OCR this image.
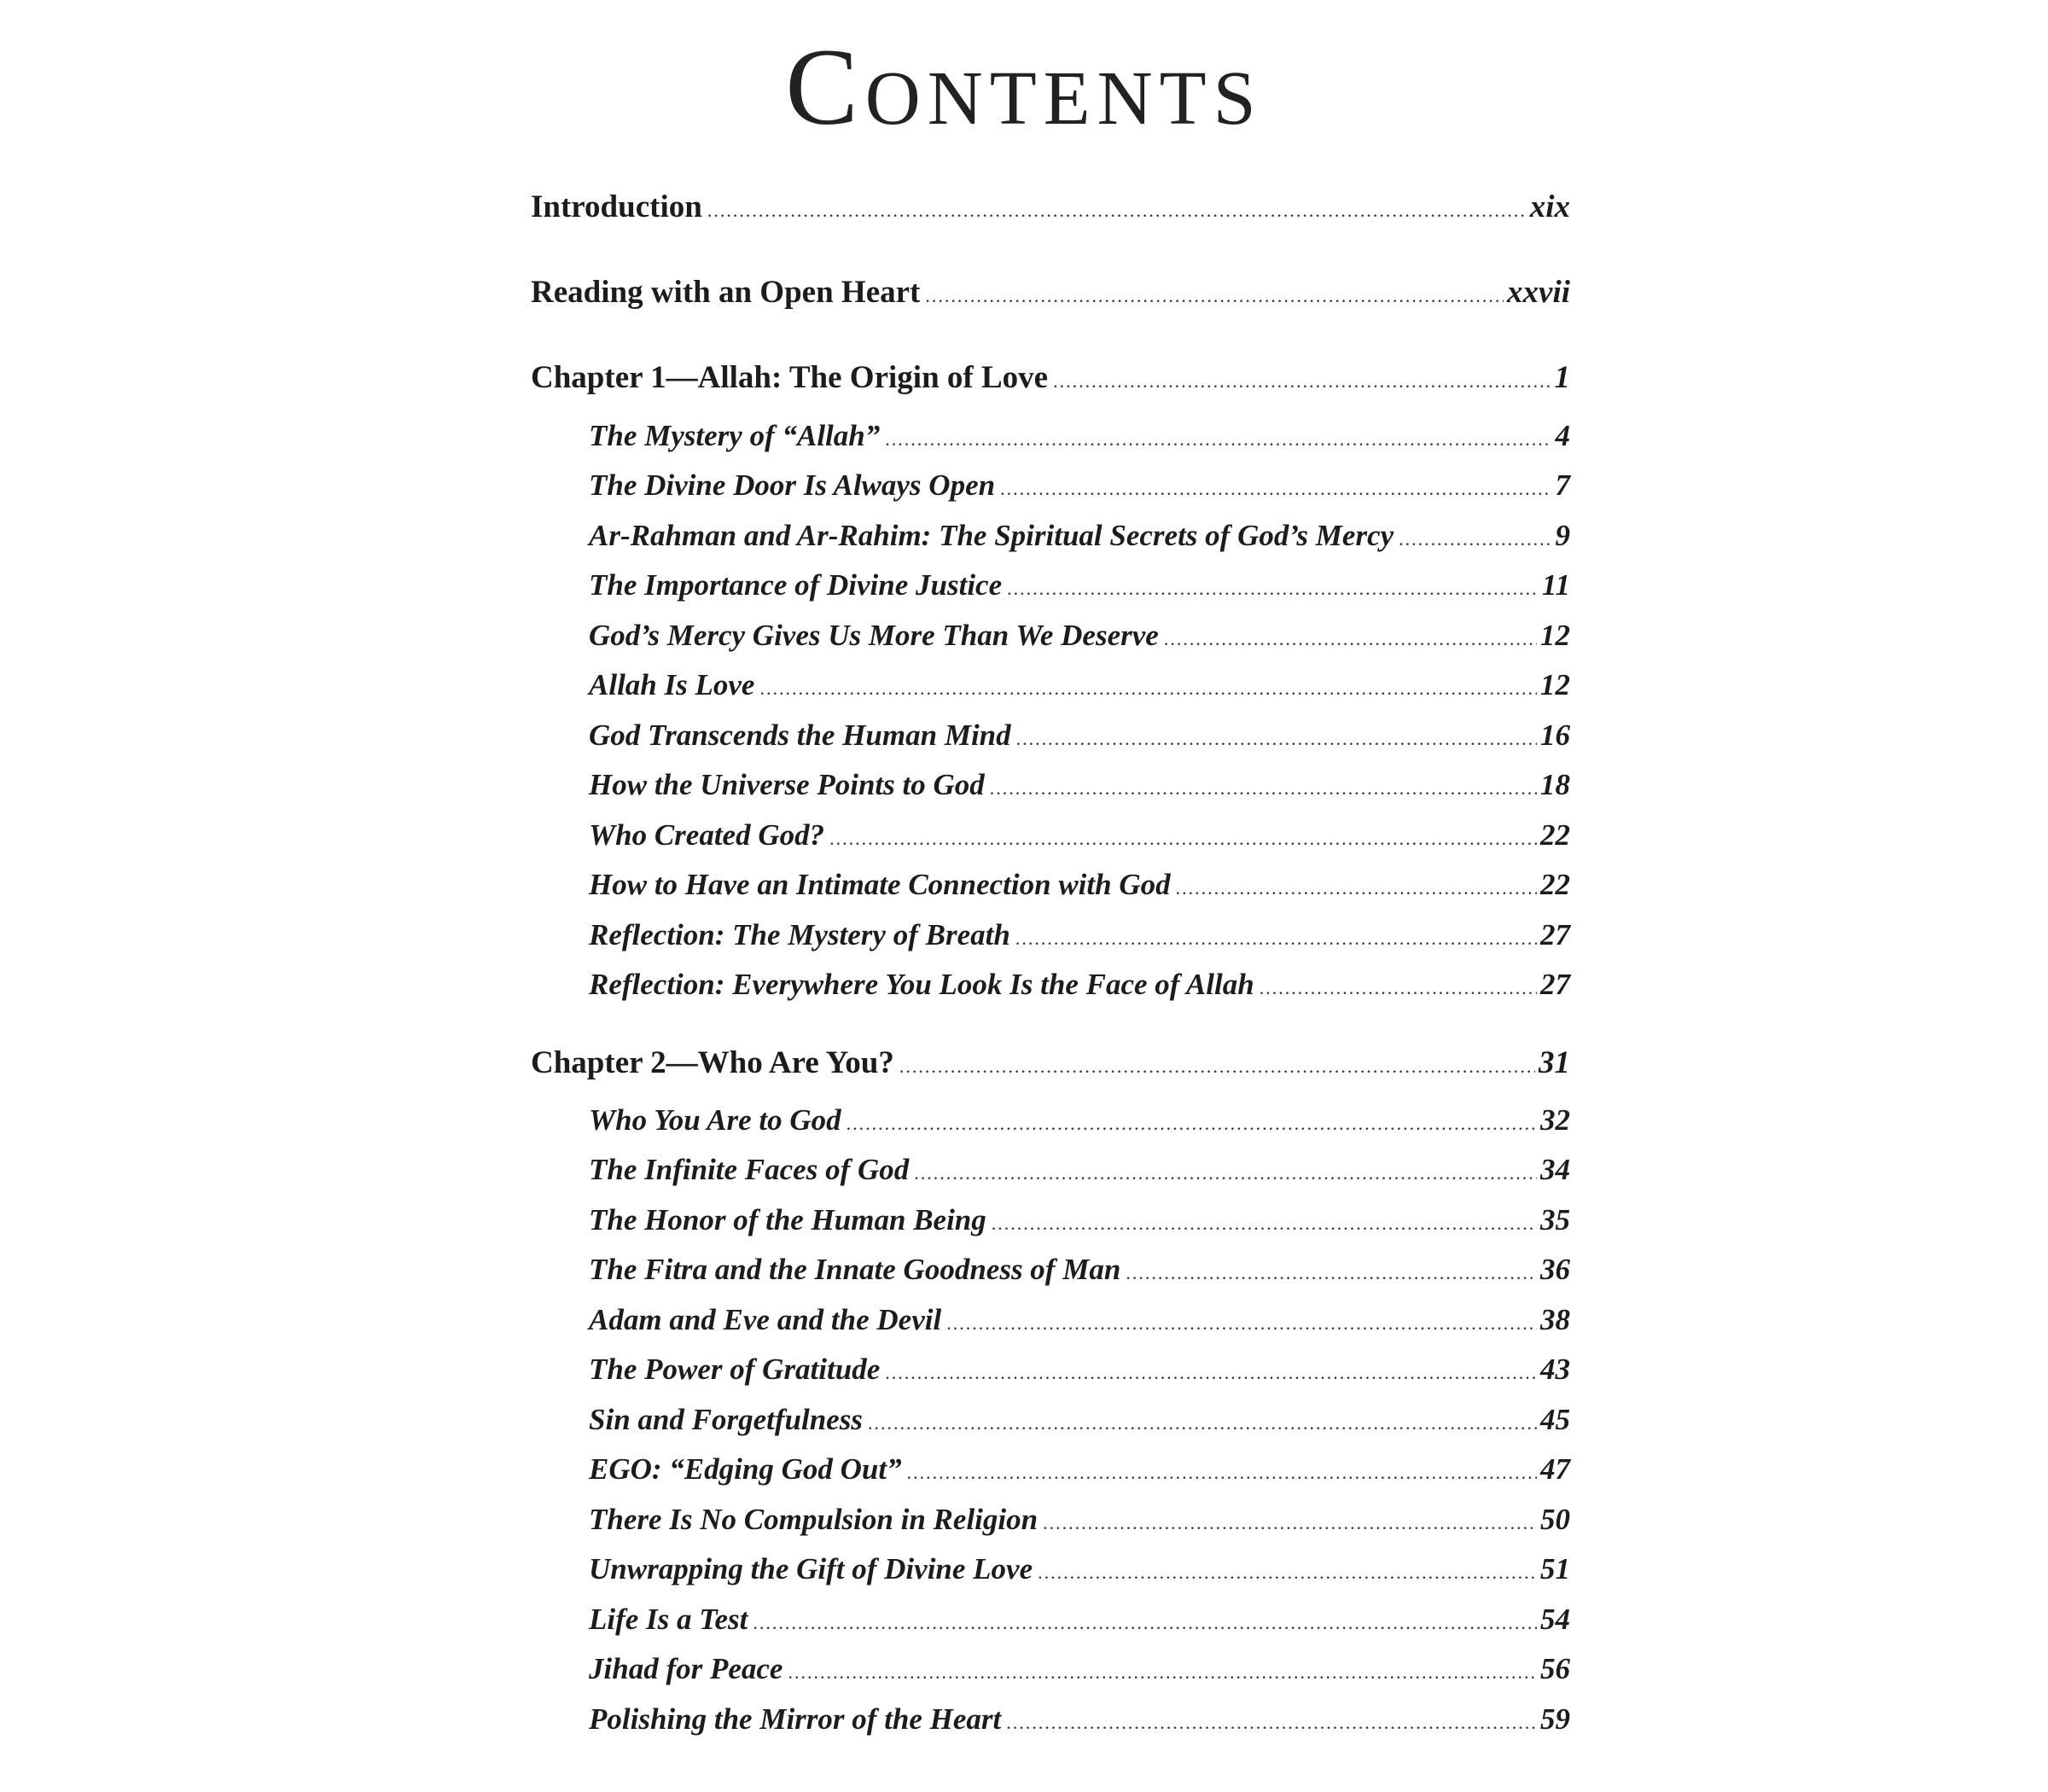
Contents
Introduction .....	xix
Reading with an Open Heart .....	xxvii
Chapter 1—Allah: The Origin of Love .....	1
The Mystery of “Allah” .....	4
The Divine Door Is Always Open .....	7
Ar-Rahman and Ar-Rahim: The Spiritual Secrets of God’s Mercy .....	9
The Importance of Divine Justice .....	11
God’s Mercy Gives Us More Than We Deserve .....	12
Allah Is Love .....	12
God Transcends the Human Mind .....	16
How the Universe Points to God .....	18
Who Created God? .....	22
How to Have an Intimate Connection with God .....	22
Reflection: The Mystery of Breath .....	27
Reflection: Everywhere You Look Is the Face of Allah .....	27
Chapter 2—Who Are You? .....	31
Who You Are to God .....	32
The Infinite Faces of God .....	34
The Honor of the Human Being .....	35
The Fitra and the Innate Goodness of Man .....	36
Adam and Eve and the Devil .....	38
The Power of Gratitude .....	43
Sin and Forgetfulness .....	45
EGO: “Edging God Out” .....	47
There Is No Compulsion in Religion .....	50
Unwrapping the Gift of Divine Love .....	51
Life Is a Test .....	54
Jihad for Peace .....	56
Polishing the Mirror of the Heart .....	59
